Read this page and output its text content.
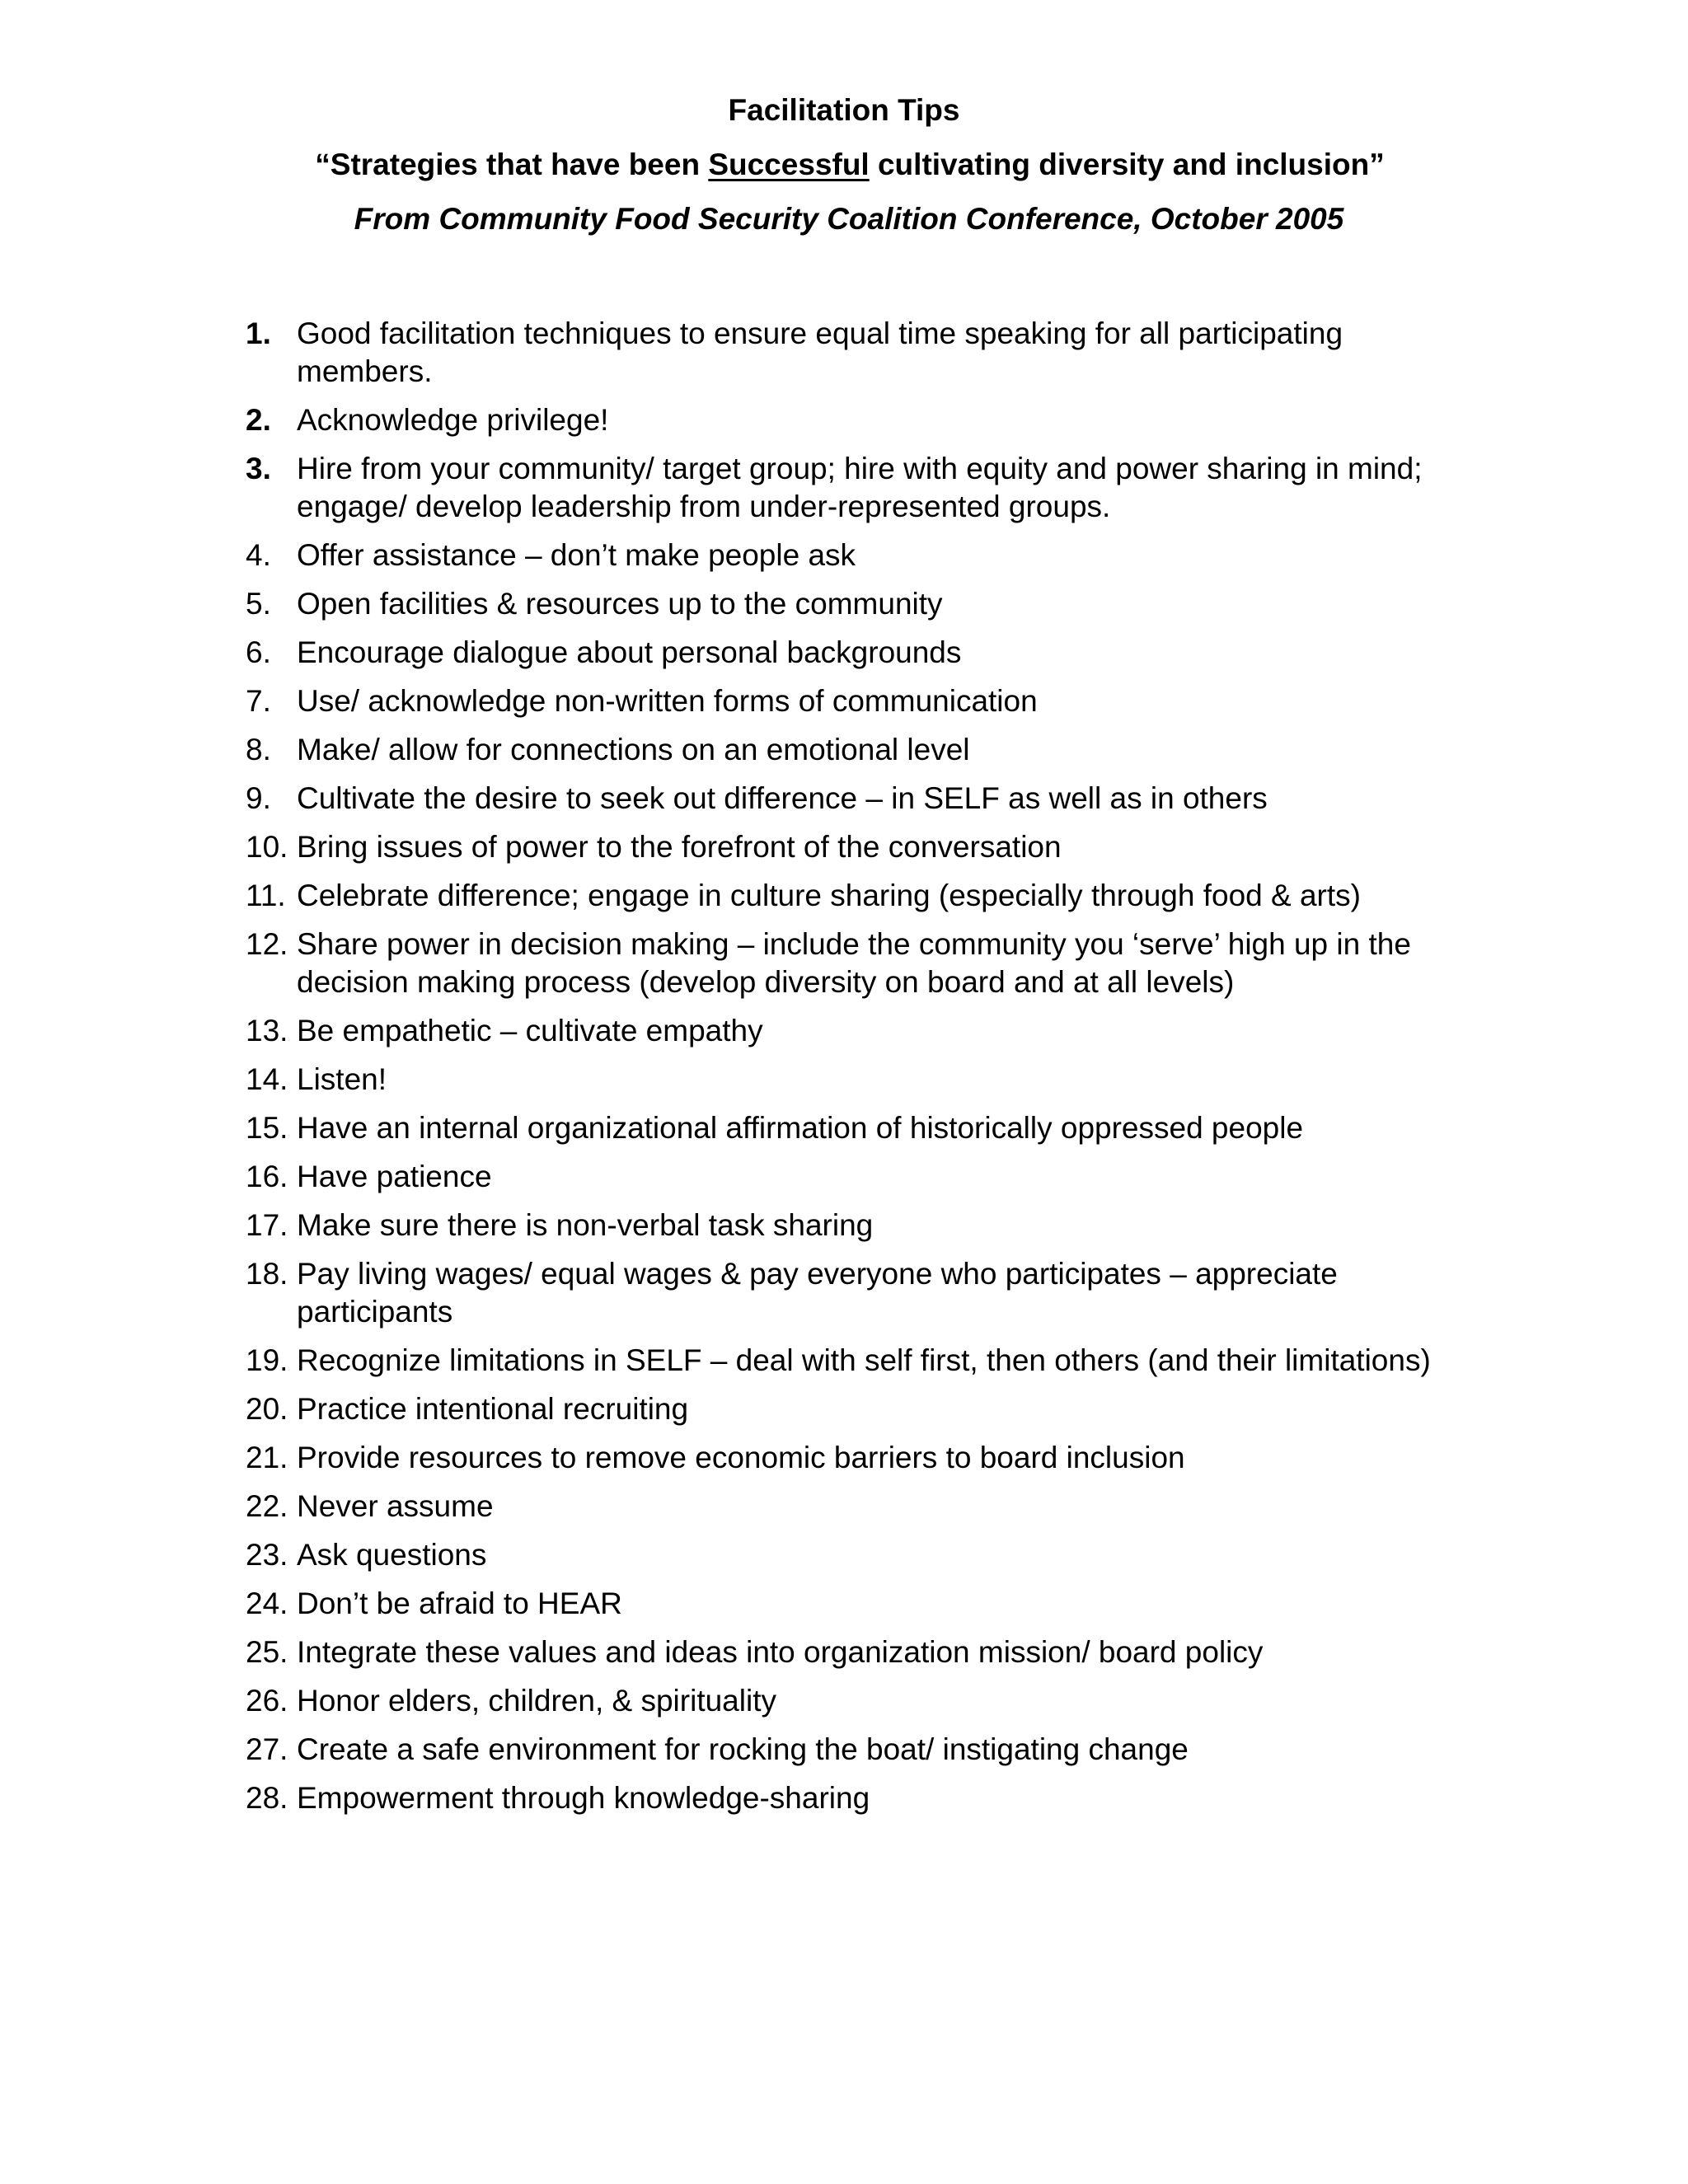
Facilitation Tips

“Strategies that have been Successful cultivating diversity and inclusion”

From Community Food Security Coalition Conference, October 2005

1. Good facilitation techniques to ensure equal time speaking for all participating members.
2. Acknowledge privilege!
3. Hire from your community/ target group; hire with equity and power sharing in mind; engage/ develop leadership from under-represented groups.
4. Offer assistance – don’t make people ask
5. Open facilities & resources up to the community
6. Encourage dialogue about personal backgrounds
7. Use/ acknowledge non-written forms of communication
8. Make/ allow for connections on an emotional level
9. Cultivate the desire to seek out difference – in SELF as well as in others
10. Bring issues of power to the forefront of the conversation
11. Celebrate difference; engage in culture sharing (especially through food & arts)
12. Share power in decision making – include the community you ‘serve’ high up in the decision making process (develop diversity on board and at all levels)
13. Be empathetic – cultivate empathy
14. Listen!
15. Have an internal organizational affirmation of historically oppressed people
16. Have patience
17. Make sure there is non-verbal task sharing
18. Pay living wages/ equal wages & pay everyone who participates – appreciate participants
19. Recognize limitations in SELF – deal with self first, then others (and their limitations)
20. Practice intentional recruiting
21. Provide resources to remove economic barriers to board inclusion
22. Never assume
23. Ask questions
24. Don’t be afraid to HEAR
25. Integrate these values and ideas into organization mission/ board policy
26. Honor elders, children, & spirituality
27. Create a safe environment for rocking the boat/ instigating change
28. Empowerment through knowledge-sharing
